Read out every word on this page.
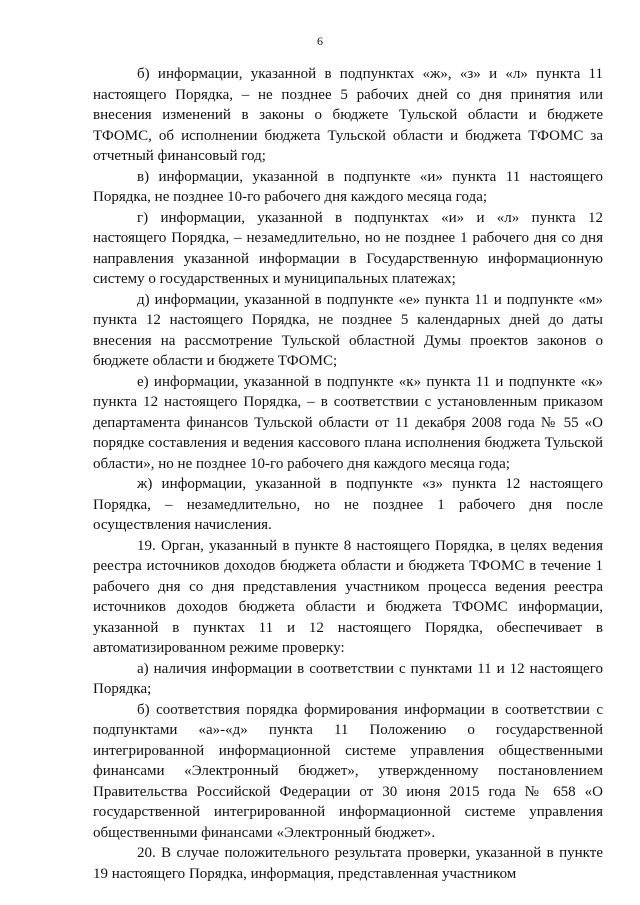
6

б) информации, указанной в подпунктах «ж», «з» и «л» пункта 11 настоящего Порядка, – не позднее 5 рабочих дней со дня принятия или внесения изменений в законы о бюджете Тульской области и бюджете ТФОМС, об исполнении бюджета Тульской области и бюджета ТФОМС за отчетный финансовый год;

в) информации, указанной в подпункте «и» пункта 11 настоящего Порядка, не позднее 10-го рабочего дня каждого месяца года;

г) информации, указанной в подпунктах «и» и «л» пункта 12 настоящего Порядка, – незамедлительно, но не позднее 1 рабочего дня со дня направления указанной информации в Государственную информационную систему о государственных и муниципальных платежах;

д) информации, указанной в подпункте «е» пункта 11 и подпункте «м» пункта 12 настоящего Порядка, не позднее 5 календарных дней до даты внесения на рассмотрение Тульской областной Думы проектов законов о бюджете области и бюджете ТФОМС;

е) информации, указанной в подпункте «к» пункта 11 и подпункте «к» пункта 12 настоящего Порядка, – в соответствии с установленным приказом департамента финансов Тульской области от 11 декабря 2008 года № 55 «О порядке составления и ведения кассового плана исполнения бюджета Тульской области», но не позднее 10-го рабочего дня каждого месяца года;

ж) информации, указанной в подпункте «з» пункта 12 настоящего Порядка, – незамедлительно, но не позднее 1 рабочего дня после осуществления начисления.

19. Орган, указанный в пункте 8 настоящего Порядка, в целях ведения реестра источников доходов бюджета области и бюджета ТФОМС в течение 1 рабочего дня со дня представления участником процесса ведения реестра источников доходов бюджета области и бюджета ТФОМС информации, указанной в пунктах 11 и 12 настоящего Порядка, обеспечивает в автоматизированном режиме проверку:

а) наличия информации в соответствии с пунктами 11 и 12 настоящего Порядка;

б) соответствия порядка формирования информации в соответствии с подпунктами «а»-«д» пункта 11 Положению о государственной интегрированной информационной системе управления общественными финансами «Электронный бюджет», утвержденному постановлением Правительства Российской Федерации от 30 июня 2015 года № 658 «О государственной интегрированной информационной системе управления общественными финансами «Электронный бюджет».

20. В случае положительного результата проверки, указанной в пункте 19 настоящего Порядка, информация, представленная участником
